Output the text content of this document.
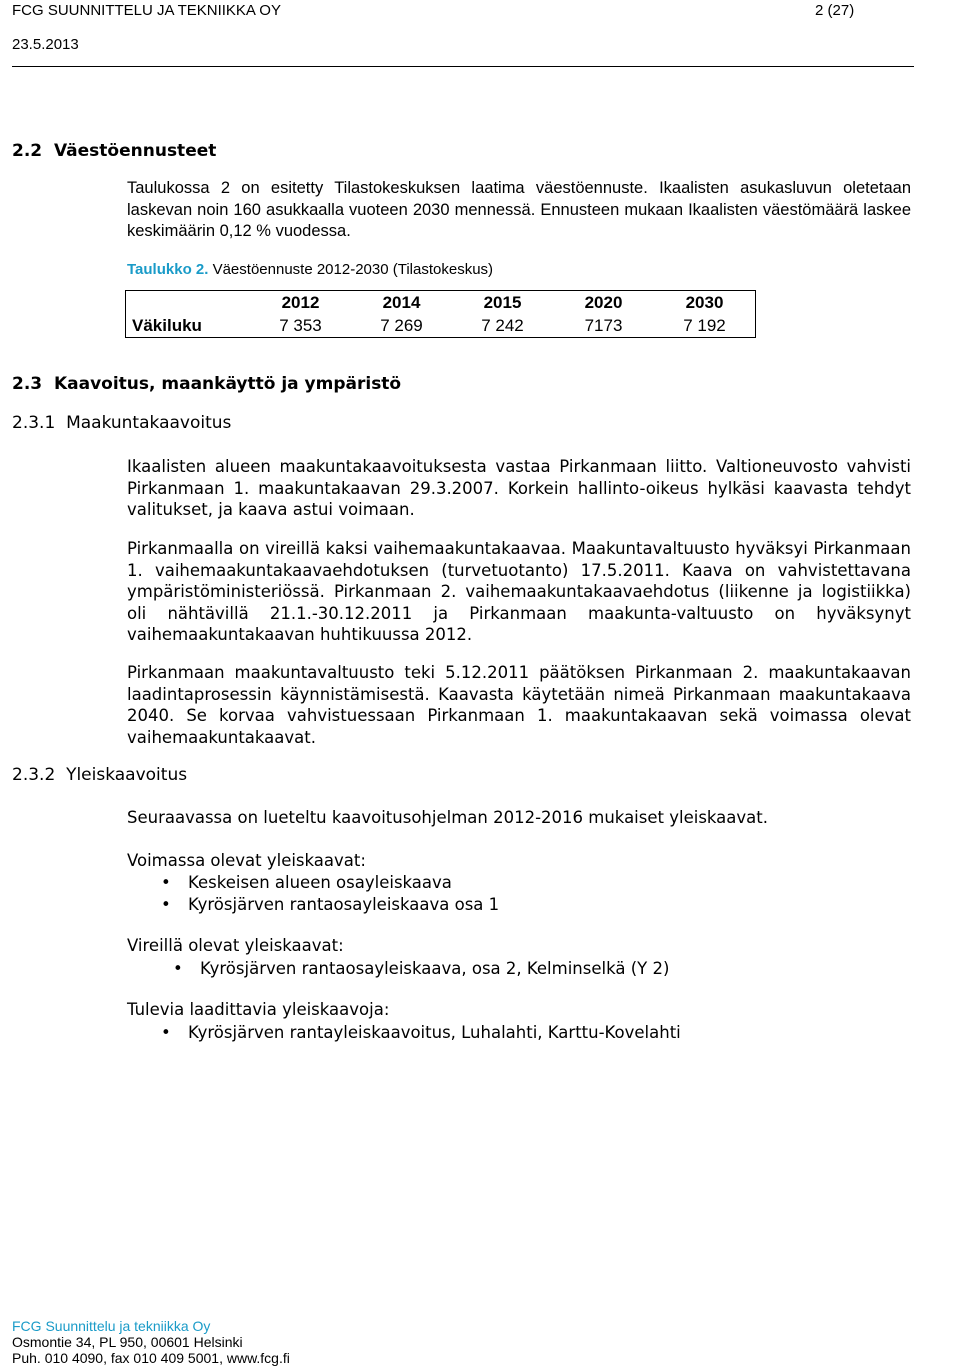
FCG SUUNNITTELU JA TEKNIIKKA OY	2 (27)
23.5.2013
2.2  Väestöennusteet

Taulukossa 2 on esitetty Tilastokeskuksen laatima väestöennuste. Ikaalisten asukasluvun oletetaan laskevan noin 160 asukkaalla vuoteen 2030 mennessä. Ennusteen mukaan Ikaalisten väestömäärä laskee keskimäärin 0,12 % vuodessa.

Taulukko 2. Väestöennuste 2012-2030 (Tilastokeskus)
	2012	2014	2015	2020	2030
Väkiluku	7 353	7 269	7 242	7173	7 192
2.3  Kaavoitus, maankäyttö ja ympäristö
2.3.1  Maakuntakaavoitus

Ikaalisten alueen maakuntakaavoituksesta vastaa Pirkanmaan liitto. Valtioneuvosto vahvisti Pirkanmaan 1. maakuntakaavan 29.3.2007. Korkein hallinto-oikeus hylkäsi kaavasta tehdyt valitukset, ja kaava astui voimaan.

Pirkanmaalla on vireillä kaksi vaihemaakuntakaavaa. Maakuntavaltuusto hyväksyi Pirkanmaan 1. vaihemaakuntakaavaehdotuksen (turvetuotanto) 17.5.2011. Kaava on vahvistettavana ympäristöministeriössä. Pirkanmaan 2. vaihemaakuntakaavaehdotus (liikenne ja logistiikka) oli nähtävillä 21.1.-30.12.2011 ja Pirkanmaan maakunta-valtuusto on hyväksynyt vaihemaakuntakaavan huhtikuussa 2012.

Pirkanmaan maakuntavaltuusto teki 5.12.2011 päätöksen Pirkanmaan 2. maakuntakaavan laadintaprosessin käynnistämisestä. Kaavasta käytetään nimeä Pirkanmaan maakuntakaava 2040. Se korvaa vahvistuessaan Pirkanmaan 1. maakuntakaavan sekä voimassa olevat vaihemaakuntakaavat.

2.3.2  Yleiskaavoitus

Seuraavassa on lueteltu kaavoitusohjelman 2012-2016 mukaiset yleiskaavat.

Voimassa olevat yleiskaavat:
• Keskeisen alueen osayleiskaava
• Kyrösjärven rantaosayleiskaava osa 1
Vireillä olevat yleiskaavat:
• Kyrösjärven rantaosayleiskaava, osa 2, Kelminselkä (Y 2)
Tulevia laadittavia yleiskaavoja:
• Kyrösjärven rantayleiskaavoitus, Luhalahti, Karttu-Kovelahti
FCG Suunnittelu ja tekniikka Oy
Osmontie 34, PL 950, 00601 Helsinki
Puh. 010 4090, fax 010 409 5001, www.fcg.fi
